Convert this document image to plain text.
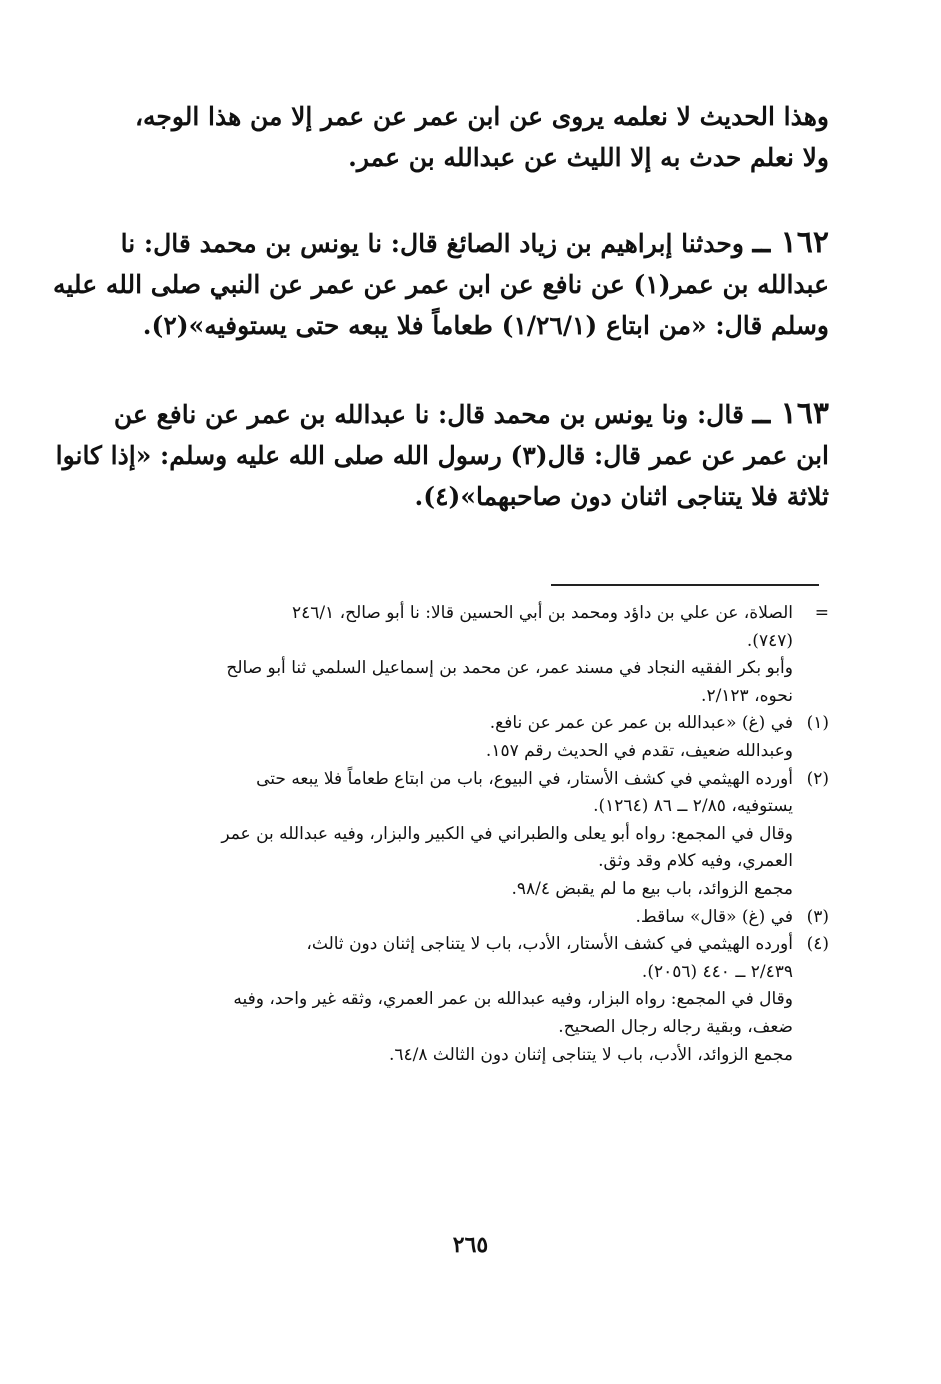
وهذا الحديث لا نعلمه يروى عن ابن عمر عن عمر إلا من هذا الوجه،
ولا نعلم حدث به إلا الليث عن عبدالله بن عمر.
١٦٢ ــ وحدثنا إبراهيم بن زياد الصائغ قال: نا يونس بن محمد قال: نا
عبدالله بن عمر(١) عن نافع عن ابن عمر عن عمر عن النبي صلى الله عليه
وسلم قال: «من ابتاع (١/٢٦/١) طعاماً فلا يبعه حتى يستوفيه»(٢).
١٦٣ ــ قال: ونا يونس بن محمد قال: نا عبدالله بن عمر عن نافع عن
ابن عمر عن عمر قال: قال(٣) رسول الله صلى الله عليه وسلم: «إذا كانوا
ثلاثة فلا يتناجى اثنان دون صاحبهما»(٤).
=
الصلاة، عن علي بن داؤد ومحمد بن أبي الحسين قالا: نا أبو صالح، ٢٤٦/١
(٧٤٧).
وأبو بكر الفقيه النجاد في مسند عمر، عن محمد بن إسماعيل السلمي ثنا أبو صالح
نحوه، ٢/١٢٣.
(١)
في (غ) «عبدالله بن عمر عن عمر عن نافع.
وعبدالله ضعيف، تقدم في الحديث رقم ١٥٧.
(٢)
أورده الهيثمي في كشف الأستار، في البيوع، باب من ابتاع طعاماً فلا يبعه حتى
يستوفيه، ٢/٨٥ ــ ٨٦ (١٢٦٤).
وقال في المجمع: رواه أبو يعلى والطبراني في الكبير والبزار، وفيه عبدالله بن عمر
العمري، وفيه كلام وقد وثق.
مجمع الزوائد، باب بيع ما لم يقبض ٩٨/٤.
(٣)
في (غ) «قال» ساقط.
(٤)
أورده الهيثمي في كشف الأستار، الأدب، باب لا يتناجى إثنان دون ثالث،
٢/٤٣٩ ــ ٤٤٠ (٢٠٥٦).
وقال في المجمع: رواه البزار، وفيه عبدالله بن عمر العمري، وثقه غير واحد، وفيه
ضعف، وبقية رجاله رجال الصحيح.
مجمع الزوائد، الأدب، باب لا يتناجى إثنان دون الثالث ٦٤/٨.
٢٦٥
